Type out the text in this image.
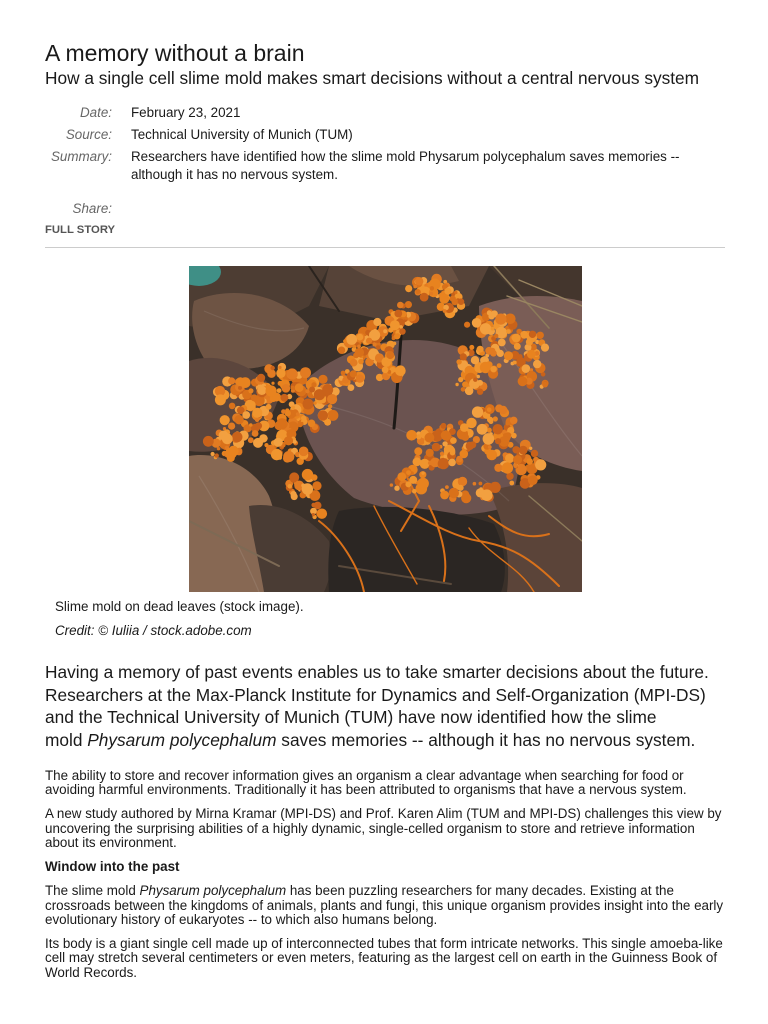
A memory without a brain
How a single cell slime mold makes smart decisions without a central nervous system
Date: February 23, 2021
Source: Technical University of Munich (TUM)
Summary: Researchers have identified how the slime mold Physarum polycephalum saves memories -- although it has no nervous system.
Share:
FULL STORY
Slime mold on dead leaves (stock image).
Credit: © Iuliia / stock.adobe.com

Having a memory of past events enables us to take smarter decisions about the future. Researchers at the Max-Planck Institute for Dynamics and Self-Organization (MPI-DS) and the Technical University of Munich (TUM) have now identified how the slime mold Physarum polycephalum saves memories -- although it has no nervous system.

The ability to store and recover information gives an organism a clear advantage when searching for food or avoiding harmful environments. Traditionally it has been attributed to organisms that have a nervous system.

A new study authored by Mirna Kramar (MPI-DS) and Prof. Karen Alim (TUM and MPI-DS) challenges this view by uncovering the surprising abilities of a highly dynamic, single-celled organism to store and retrieve information about its environment.

Window into the past

The slime mold Physarum polycephalum has been puzzling researchers for many decades. Existing at the crossroads between the kingdoms of animals, plants and fungi, this unique organism provides insight into the early evolutionary history of eukaryotes -- to which also humans belong.

Its body is a giant single cell made up of interconnected tubes that form intricate networks. This single amoeba-like cell may stretch several centimeters or even meters, featuring as the largest cell on earth in the Guinness Book of World Records.
